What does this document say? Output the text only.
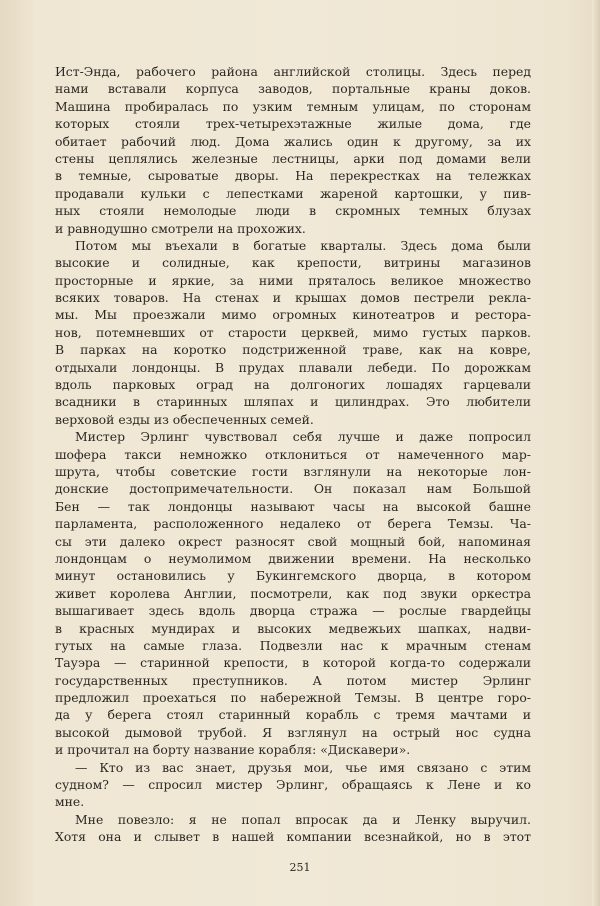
Ист-Энда, рабочего района английской столицы. Здесь перед
нами вставали корпуса заводов, портальные краны доков.
Машина пробиралась по узким темным улицам, по сторонам
которых стояли трех-четырехэтажные жилые дома, где
обитает рабочий люд. Дома жались один к другому, за их
стены цеплялись железные лестницы, арки под домами вели
в темные, сыроватые дворы. На перекрестках на тележках
продавали кульки с лепестками жареной картошки, у пив-
ных стояли немолодые люди в скромных темных блузах
и равнодушно смотрели на прохожих.
Потом мы въехали в богатые кварталы. Здесь дома были
высокие и солидные, как крепости, витрины магазинов
просторные и яркие, за ними пряталось великое множество
всяких товаров. На стенах и крышах домов пестрели рекла-
мы. Мы проезжали мимо огромных кинотеатров и рестора-
нов, потемневших от старости церквей, мимо густых парков.
В парках на коротко подстриженной траве, как на ковре,
отдыхали лондонцы. В прудах плавали лебеди. По дорожкам
вдоль парковых оград на долгоногих лошадях гарцевали
всадники в старинных шляпах и цилиндрах. Это любители
верховой езды из обеспеченных семей.
Мистер Эрлинг чувствовал себя лучше и даже попросил
шофера такси немножко отклониться от намеченного мар-
шрута, чтобы советские гости взглянули на некоторые лон-
донские достопримечательности. Он показал нам Большой
Бен — так лондонцы называют часы на высокой башне
парламента, расположенного недалеко от берега Темзы. Ча-
сы эти далеко окрест разносят свой мощный бой, напоминая
лондонцам о неумолимом движении времени. На несколько
минут остановились у Букингемского дворца, в котором
живет королева Англии, посмотрели, как под звуки оркестра
вышагивает здесь вдоль дворца стража — рослые гвардейцы
в красных мундирах и высоких медвежьих шапках, надви-
гутых на самые глаза. Подвезли нас к мрачным стенам
Тауэра — старинной крепости, в которой когда-то содержали
государственных преступников. А потом мистер Эрлинг
предложил проехаться по набережной Темзы. В центре горо-
да у берега стоял старинный корабль с тремя мачтами и
высокой дымовой трубой. Я взглянул на острый нос судна
и прочитал на борту название корабля: «Дискавери».
— Кто из вас знает, друзья мои, чье имя связано с этим
судном? — спросил мистер Эрлинг, обращаясь к Лене и ко
мне.
Мне повезло: я не попал впросак да и Ленку выручил.
Хотя она и слывет в нашей компании всезнайкой, но в этот
251
